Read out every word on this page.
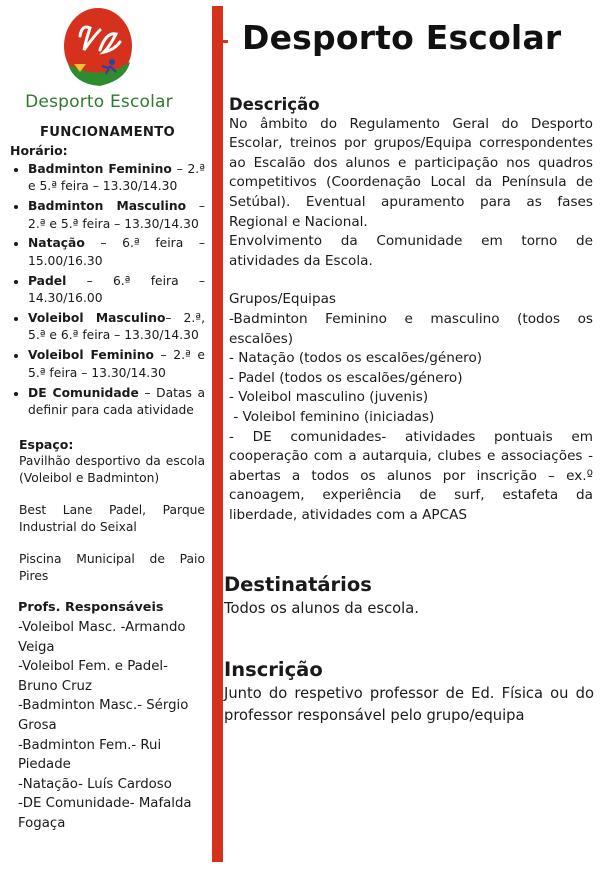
Desporto Escolar
FUNCIONAMENTO
Horário:
• Badminton Feminino – 2.ª e 5.ª feira – 13.30/14.30
• Badminton Masculino – 2.ª e 5.ª feira – 13.30/14.30
• Natação – 6.ª feira – 15.00/16.30
• Padel – 6.ª feira – 14.30/16.00
• Voleibol Masculino– 2.ª, 5.ª e 6.ª feira – 13.30/14.30
• Voleibol Feminino – 2.ª e 5.ª feira – 13.30/14.30
• DE Comunidade – Datas a definir para cada atividade
Espaço:
Pavilhão desportivo da escola (Voleibol e Badminton)
Best Lane Padel, Parque Industrial do Seixal
Piscina Municipal de Paio Pires
Profs. Responsáveis
-Voleibol Masc. -Armando Veiga
-Voleibol Fem. e Padel- Bruno Cruz
-Badminton Masc.- Sérgio Grosa
-Badminton Fem.- Rui Piedade
-Natação- Luís Cardoso
-DE Comunidade- Mafalda Fogaça
Desporto Escolar
Descrição

No âmbito do Regulamento Geral do Desporto Escolar, treinos por grupos/Equipa correspondentes ao Escalão dos alunos e participação nos quadros competitivos (Coordenação Local da Península de Setúbal). Eventual apuramento para as fases Regional e Nacional.

Envolvimento da Comunidade em torno de atividades da Escola.

Grupos/Equipas

-Badminton Feminino e masculino (todos os escalões)

- Natação (todos os escalões/género)

- Padel (todos os escalões/género)

- Voleibol masculino (juvenis)

- Voleibol feminino (iniciadas)

- DE comunidades- atividades pontuais em cooperação com a autarquia, clubes e associações - abertas a todos os alunos por inscrição – ex.º canoagem, experiência de surf, estafeta da liberdade, atividades com a APCAS

Destinatários

Todos os alunos da escola.

Inscrição

Junto do respetivo professor de Ed. Física ou do professor responsável pelo grupo/equipa
